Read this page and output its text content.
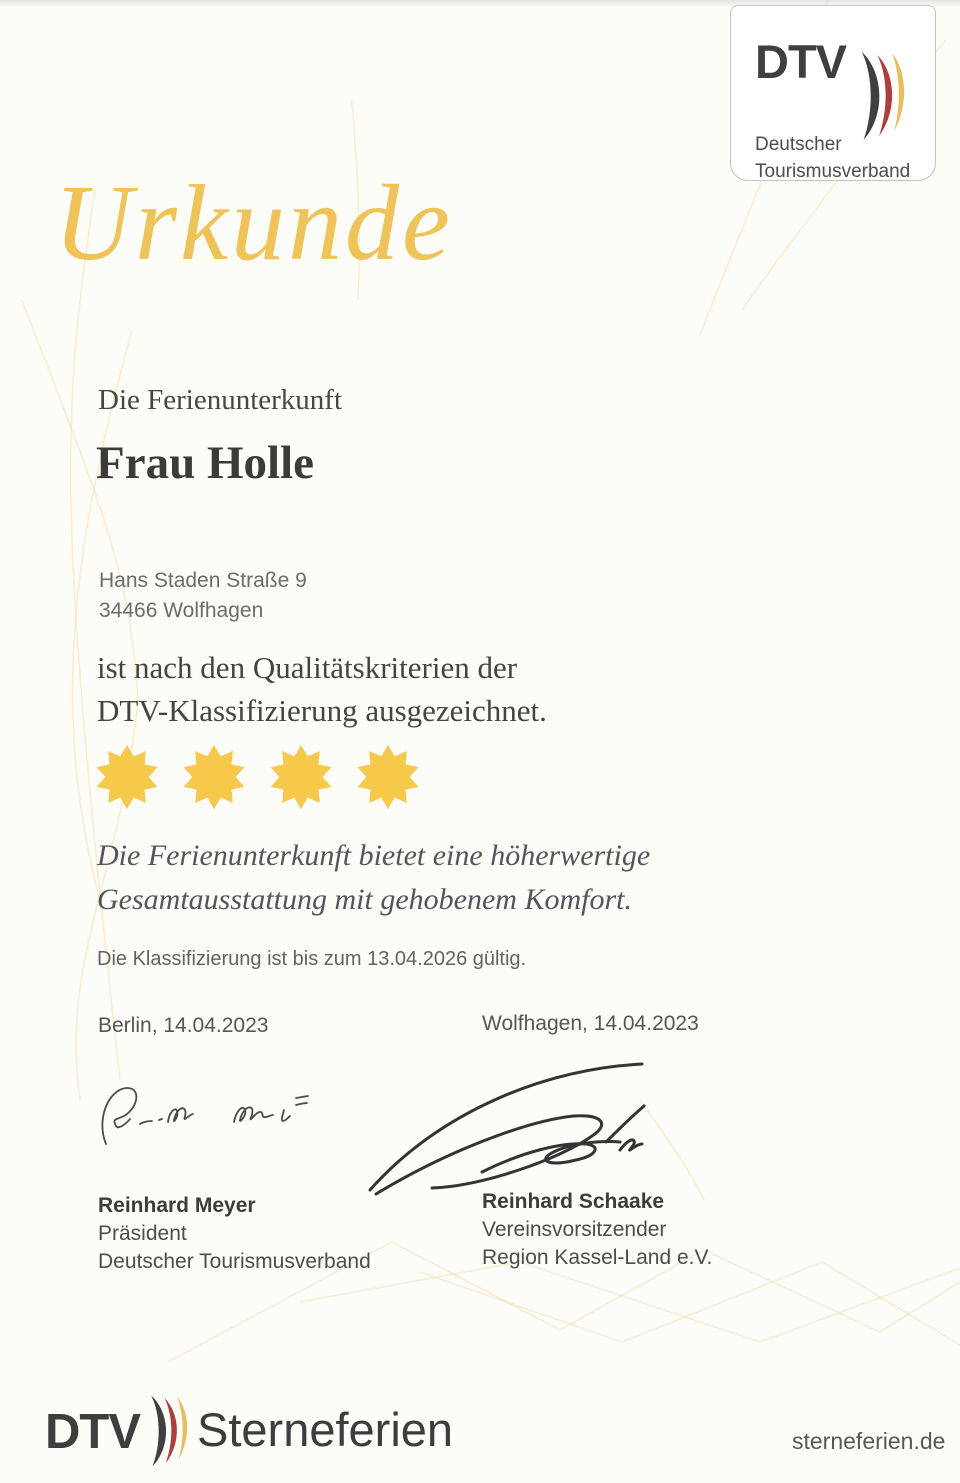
DTV
Deutscher
Tourismusverband
Urkunde
Die Ferienunterkunft
Frau Holle
Hans Staden Straße 9
34466 Wolfhagen
ist nach den Qualitätskriterien der
DTV-Klassifizierung ausgezeichnet.
Die Ferienunterkunft bietet eine höherwertige
Gesamtausstattung mit gehobenem Komfort.
Die Klassifizierung ist bis zum 13.04.2026 gültig.
Berlin, 14.04.2023	Wolfhagen, 14.04.2023
Reinhard Meyer
Präsident
Deutscher Tourismusverband
Reinhard Schaake
Vereinsvorsitzender
Region Kassel-Land e.V.
DTV Sterneferien	sterneferien.de
